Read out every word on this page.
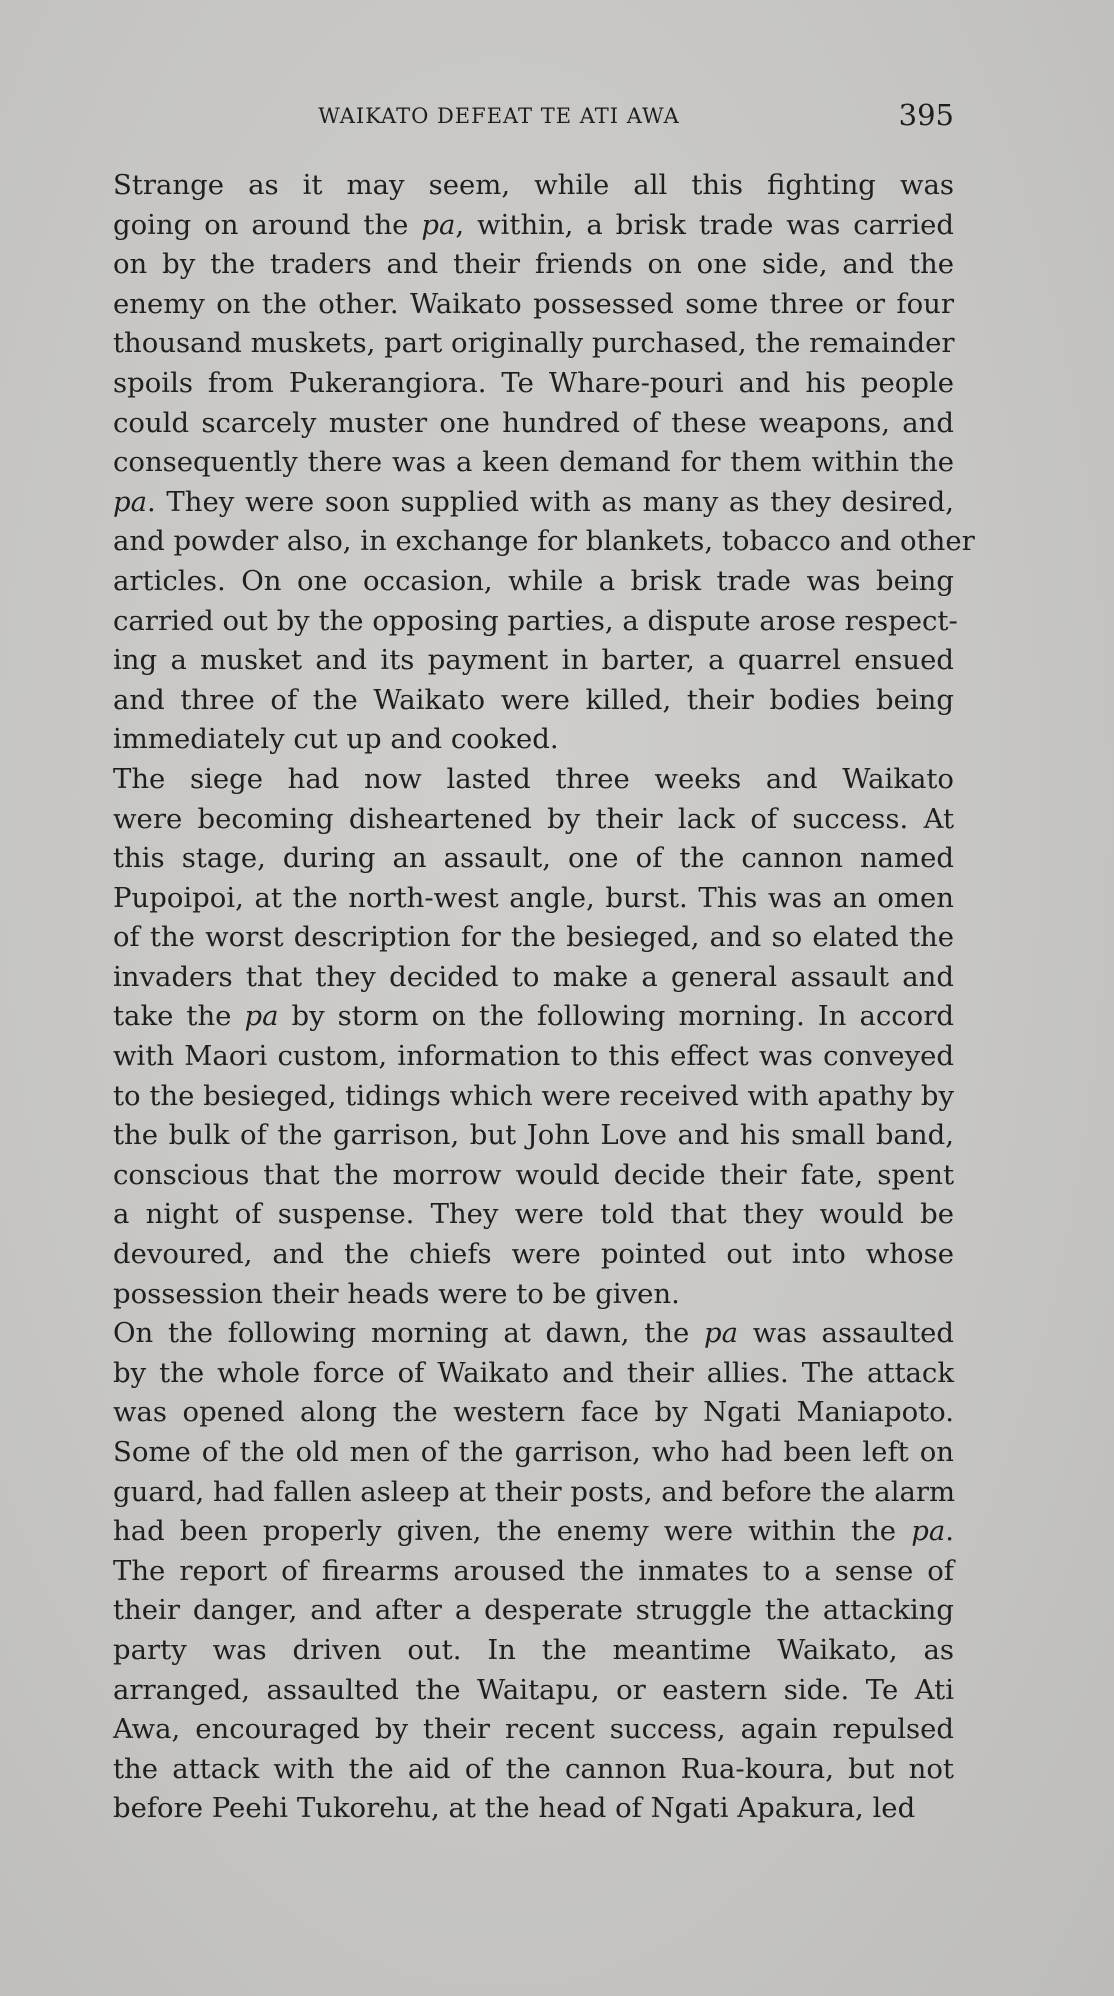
WAIKATO DEFEAT TE ATI AWA	395

Strange as it may seem, while all this fighting was
going on around the pa, within, a brisk trade was carried
on by the traders and their friends on one side, and the
enemy on the other. Waikato possessed some three or four
thousand muskets, part originally purchased, the remainder
spoils from Pukerangiora. Te Whare-pouri and his people
could scarcely muster one hundred of these weapons, and
consequently there was a keen demand for them within the
pa. They were soon supplied with as many as they desired,
and powder also, in exchange for blankets, tobacco and other
articles. On one occasion, while a brisk trade was being
carried out by the opposing parties, a dispute arose respect-
ing a musket and its payment in barter, a quarrel ensued
and three of the Waikato were killed, their bodies being
immediately cut up and cooked.

The siege had now lasted three weeks and Waikato
were becoming disheartened by their lack of success. At
this stage, during an assault, one of the cannon named
Pupoipoi, at the north-west angle, burst. This was an omen
of the worst description for the besieged, and so elated the
invaders that they decided to make a general assault and
take the pa by storm on the following morning. In accord
with Maori custom, information to this effect was conveyed
to the besieged, tidings which were received with apathy by
the bulk of the garrison, but John Love and his small band,
conscious that the morrow would decide their fate, spent
a night of suspense. They were told that they would be
devoured, and the chiefs were pointed out into whose
possession their heads were to be given.

On the following morning at dawn, the pa was assaulted
by the whole force of Waikato and their allies. The attack
was opened along the western face by Ngati Maniapoto.
Some of the old men of the garrison, who had been left on
guard, had fallen asleep at their posts, and before the alarm
had been properly given, the enemy were within the pa.
The report of firearms aroused the inmates to a sense of
their danger, and after a desperate struggle the attacking
party was driven out. In the meantime Waikato, as
arranged, assaulted the Waitapu, or eastern side. Te Ati
Awa, encouraged by their recent success, again repulsed
the attack with the aid of the cannon Rua-koura, but not
before Peehi Tukorehu, at the head of Ngati Apakura, led
